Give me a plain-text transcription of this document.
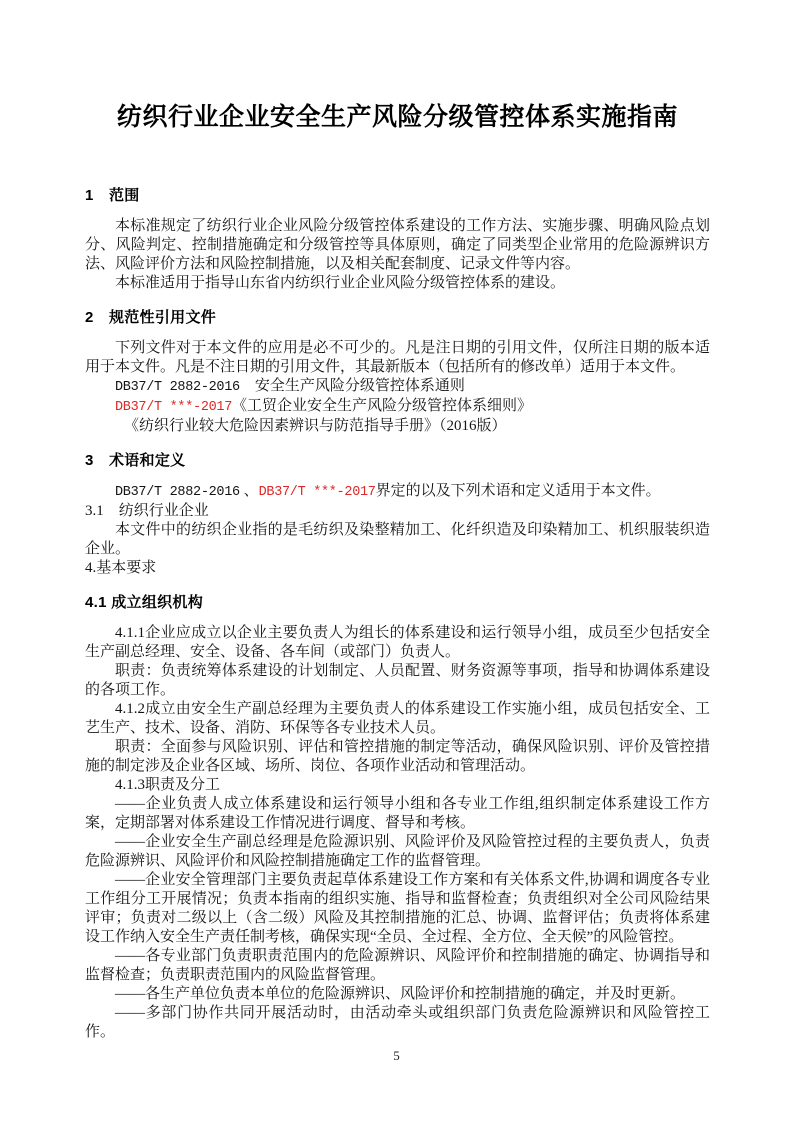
纺织行业企业安全生产风险分级管控体系实施指南
1　范围
本标准规定了纺织行业企业风险分级管控体系建设的工作方法、实施步骤、明确风险点划分、风险判定、控制措施确定和分级管控等具体原则，确定了同类型企业常用的危险源辨识方法、风险评价方法和风险控制措施，以及相关配套制度、记录文件等内容。
本标准适用于指导山东省内纺织行业企业风险分级管控体系的建设。
2　规范性引用文件
下列文件对于本文件的应用是必不可少的。凡是注日期的引用文件，仅所注日期的版本适用于本文件。凡是不注日期的引用文件，其最新版本（包括所有的修改单）适用于本文件。
DB37/T 2882-2016　安全生产风险分级管控体系通则
DB37/T ***-2017《工贸企业安全生产风险分级管控体系细则》
《纺织行业较大危险因素辨识与防范指导手册》（2016版）
3　术语和定义
DB37/T 2882-2016 、DB37/T ***-2017界定的以及下列术语和定义适用于本文件。
3.1　纺织行业企业
本文件中的纺织企业指的是毛纺织及染整精加工、化纤织造及印染精加工、机织服装织造企业。
4.基本要求
4.1 成立组织机构
4.1.1企业应成立以企业主要负责人为组长的体系建设和运行领导小组，成员至少包括安全生产副总经理、安全、设备、各车间（或部门）负责人。
职责：负责统筹体系建设的计划制定、人员配置、财务资源等事项，指导和协调体系建设的各项工作。
4.1.2成立由安全生产副总经理为主要负责人的体系建设工作实施小组，成员包括安全、工艺生产、技术、设备、消防、环保等各专业技术人员。
职责：全面参与风险识别、评估和管控措施的制定等活动，确保风险识别、评价及管控措施的制定涉及企业各区域、场所、岗位、各项作业活动和管理活动。
4.1.3职责及分工
——企业负责人成立体系建设和运行领导小组和各专业工作组,组织制定体系建设工作方案，定期部署对体系建设工作情况进行调度、督导和考核。
——企业安全生产副总经理是危险源识别、风险评价及风险管控过程的主要负责人，负责危险源辨识、风险评价和风险控制措施确定工作的监督管理。
——企业安全管理部门主要负责起草体系建设工作方案和有关体系文件,协调和调度各专业工作组分工开展情况；负责本指南的组织实施、指导和监督检查；负责组织对全公司风险结果评审；负责对二级以上（含二级）风险及其控制措施的汇总、协调、监督评估；负责将体系建设工作纳入安全生产责任制考核，确保实现“全员、全过程、全方位、全天候”的风险管控。
——各专业部门负责职责范围内的危险源辨识、风险评价和控制措施的确定、协调指导和监督检查；负责职责范围内的风险监督管理。
——各生产单位负责本单位的危险源辨识、风险评价和控制措施的确定，并及时更新。
——多部门协作共同开展活动时，由活动牵头或组织部门负责危险源辨识和风险管控工作。
5
